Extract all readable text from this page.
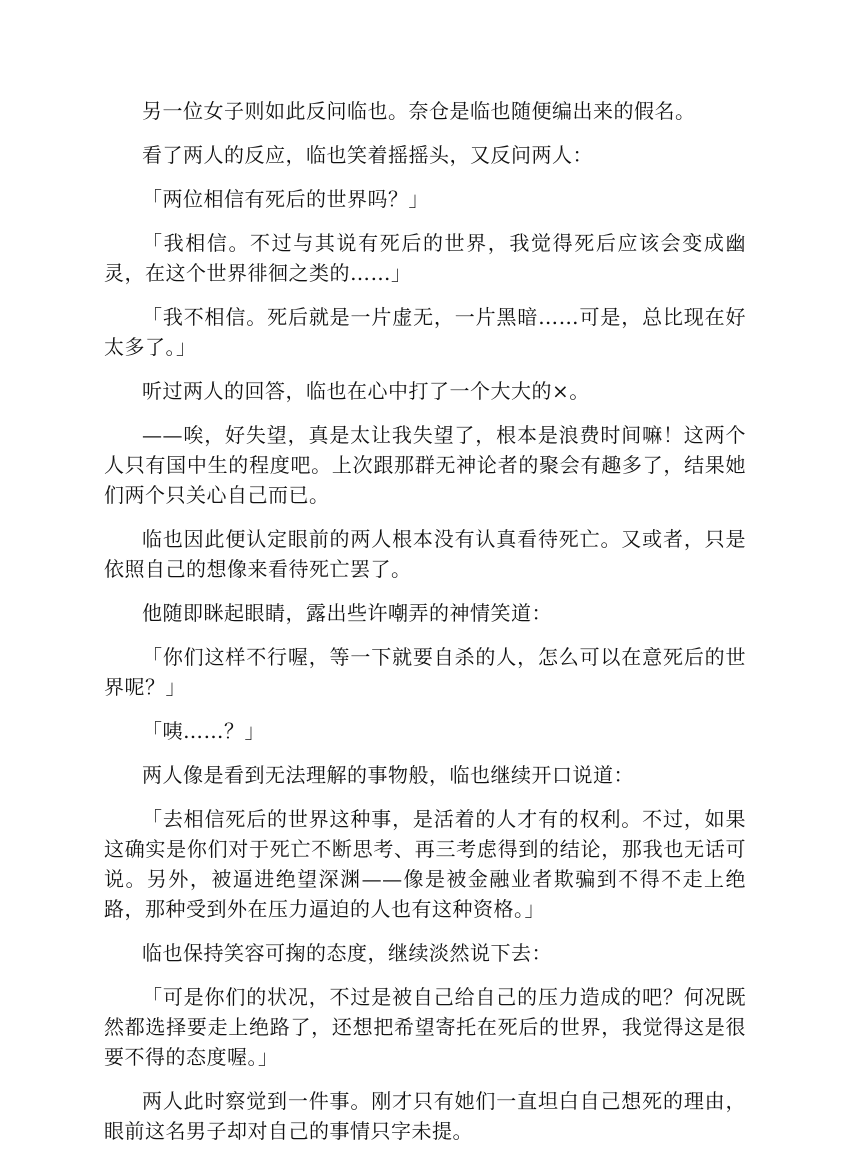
另一位女子则如此反问临也。奈仓是临也随便编出来的假名。

看了两人的反应，临也笑着摇摇头，又反问两人：

「两位相信有死后的世界吗？」

「我相信。不过与其说有死后的世界，我觉得死后应该会变成幽灵，在这个世界徘徊之类的……」

「我不相信。死后就是一片虚无，一片黑暗……可是，总比现在好太多了。」

听过两人的回答，临也在心中打了一个大大的×。

——唉，好失望，真是太让我失望了，根本是浪费时间嘛！这两个人只有国中生的程度吧。上次跟那群无神论者的聚会有趣多了，结果她们两个只关心自己而已。

临也因此便认定眼前的两人根本没有认真看待死亡。又或者，只是依照自己的想像来看待死亡罢了。

他随即眯起眼睛，露出些许嘲弄的神情笑道：

「你们这样不行喔，等一下就要自杀的人，怎么可以在意死后的世界呢？」

「咦……？」

两人像是看到无法理解的事物般，临也继续开口说道：

「去相信死后的世界这种事，是活着的人才有的权利。不过，如果这确实是你们对于死亡不断思考、再三考虑得到的结论，那我也无话可说。另外，被逼进绝望深渊——像是被金融业者欺骗到不得不走上绝路，那种受到外在压力逼迫的人也有这种资格。」

临也保持笑容可掬的态度，继续淡然说下去：

「可是你们的状况，不过是被自己给自己的压力造成的吧？何况既然都选择要走上绝路了，还想把希望寄托在死后的世界，我觉得这是很要不得的态度喔。」

两人此时察觉到一件事。刚才只有她们一直坦白自己想死的理由，眼前这名男子却对自己的事情只字未提。
